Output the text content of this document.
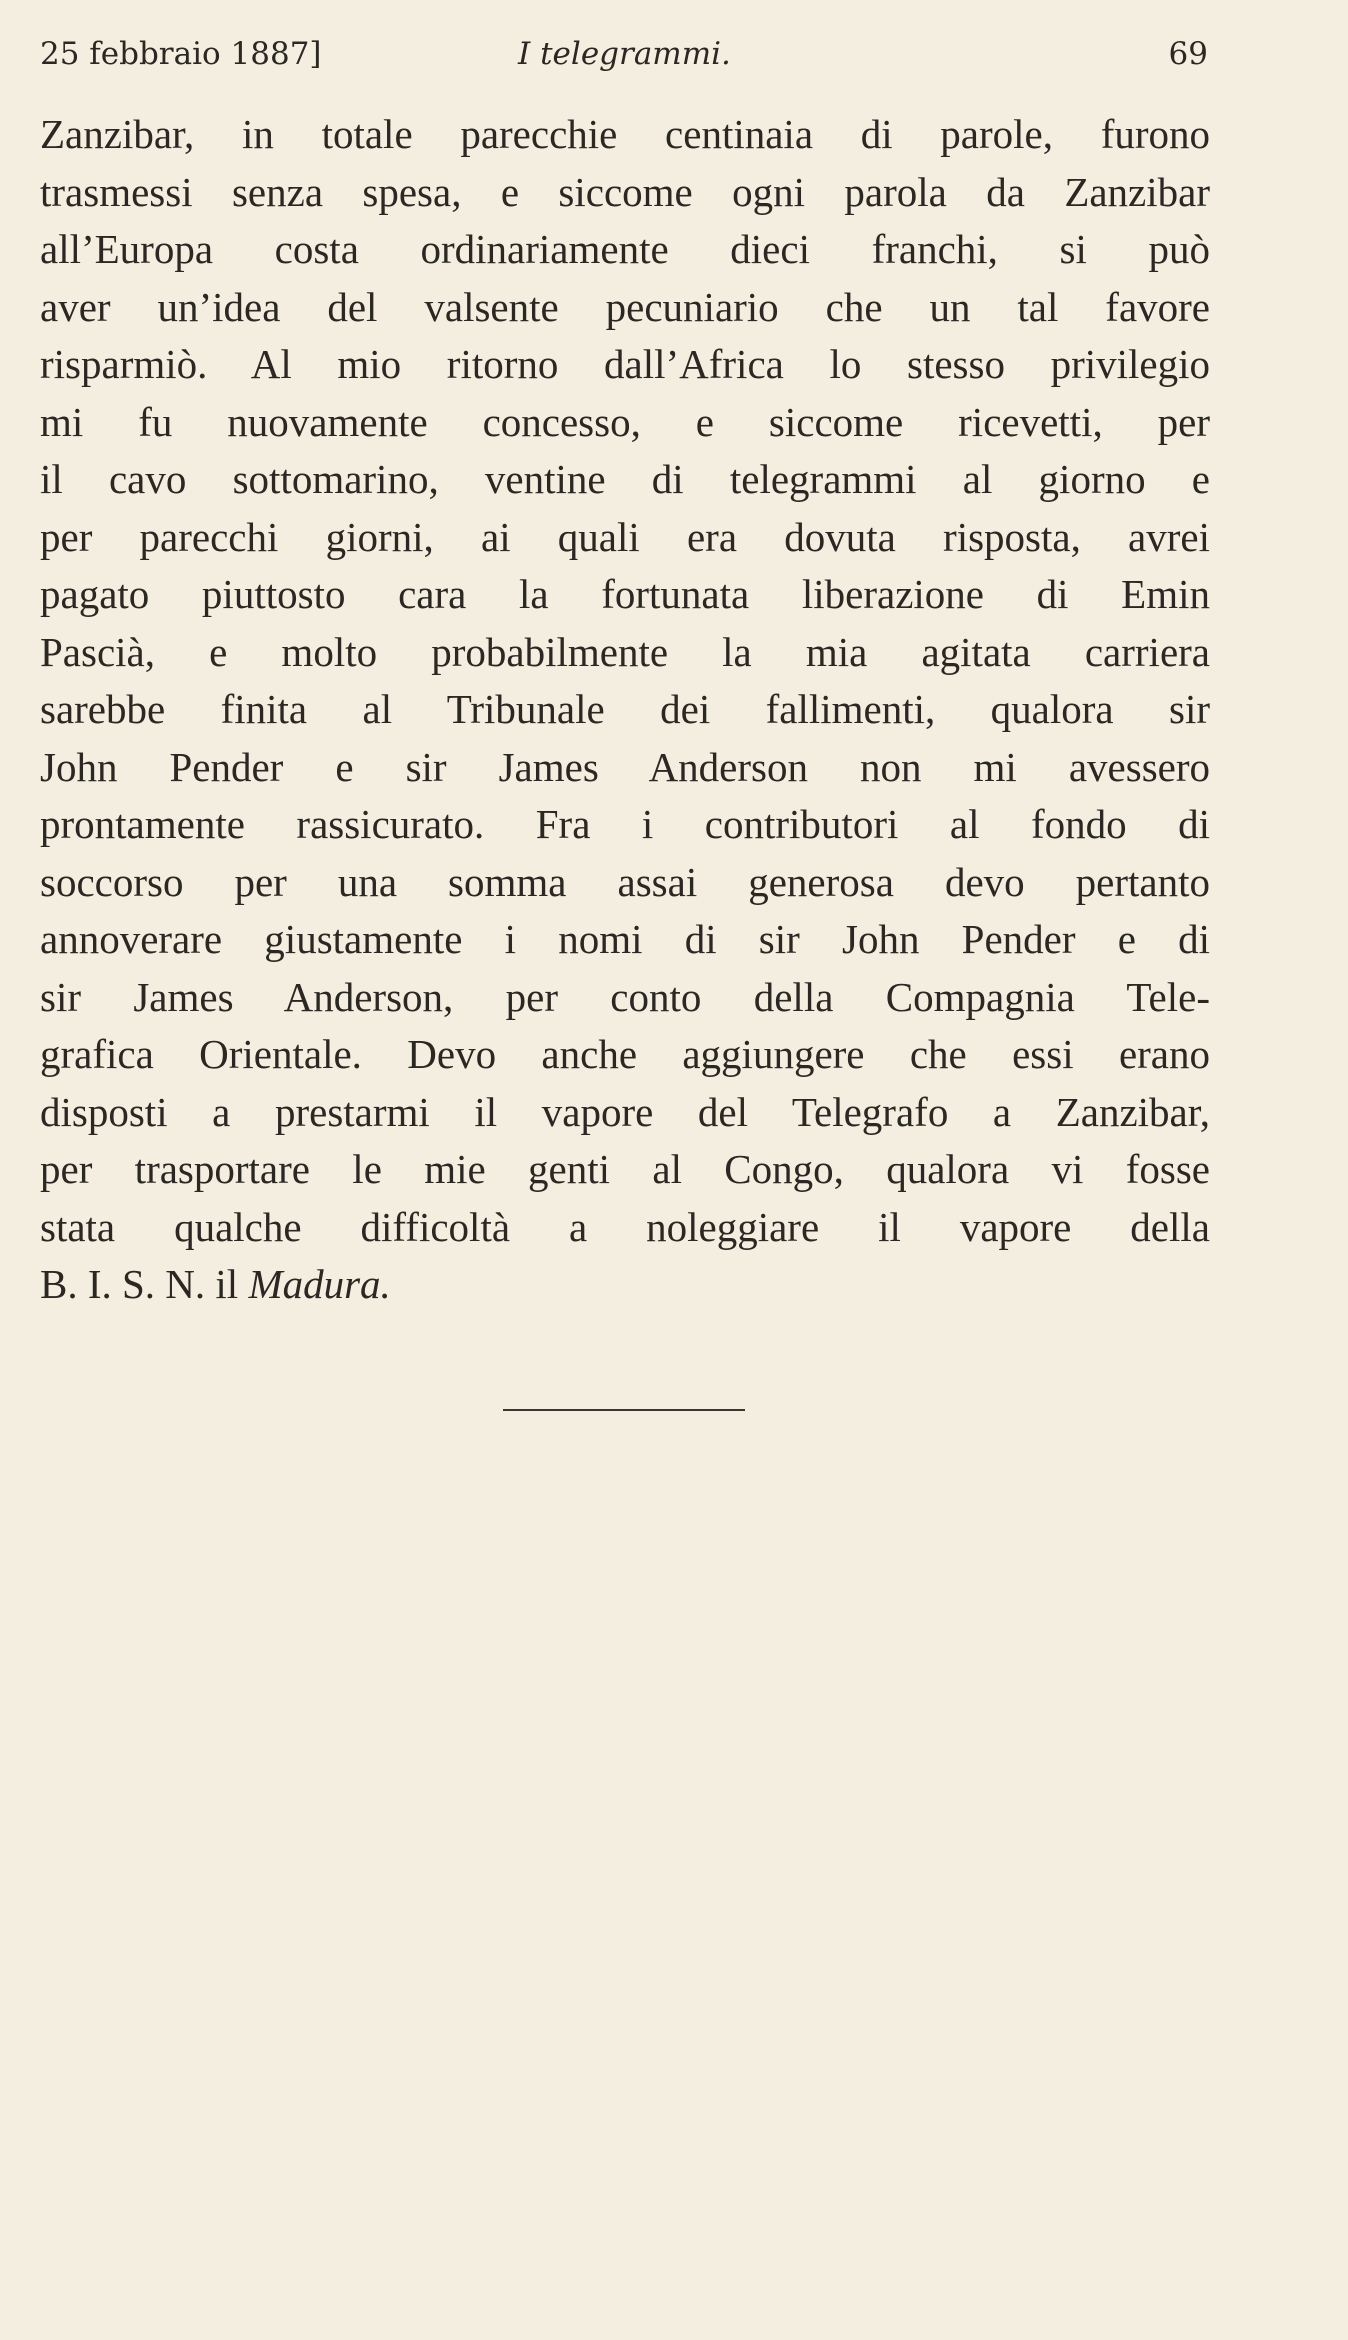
25 febbraio 1887]	I telegrammi.	69
Zanzibar, in totale parecchie centinaia di parole, furono
trasmessi senza spesa, e siccome ogni parola da Zanzibar
all’Europa costa ordinariamente dieci franchi, si può
aver un’idea del valsente pecuniario che un tal favore
risparmiò. Al mio ritorno dall’Africa lo stesso privilegio
mi fu nuovamente concesso, e siccome ricevetti, per
il cavo sottomarino, ventine di telegrammi al giorno e
per parecchi giorni, ai quali era dovuta risposta, avrei
pagato piuttosto cara la fortunata liberazione di Emin
Pascià, e molto probabilmente la mia agitata carriera
sarebbe finita al Tribunale dei fallimenti, qualora sir
John Pender e sir James Anderson non mi avessero
prontamente rassicurato. Fra i contributori al fondo di
soccorso per una somma assai generosa devo pertanto
annoverare giustamente i nomi di sir John Pender e di
sir James Anderson, per conto della Compagnia Tele-
grafica Orientale. Devo anche aggiungere che essi erano
disposti a prestarmi il vapore del Telegrafo a Zanzibar,
per trasportare le mie genti al Congo, qualora vi fosse
stata qualche difficoltà a noleggiare il vapore della
B. I. S. N. il Madura.
